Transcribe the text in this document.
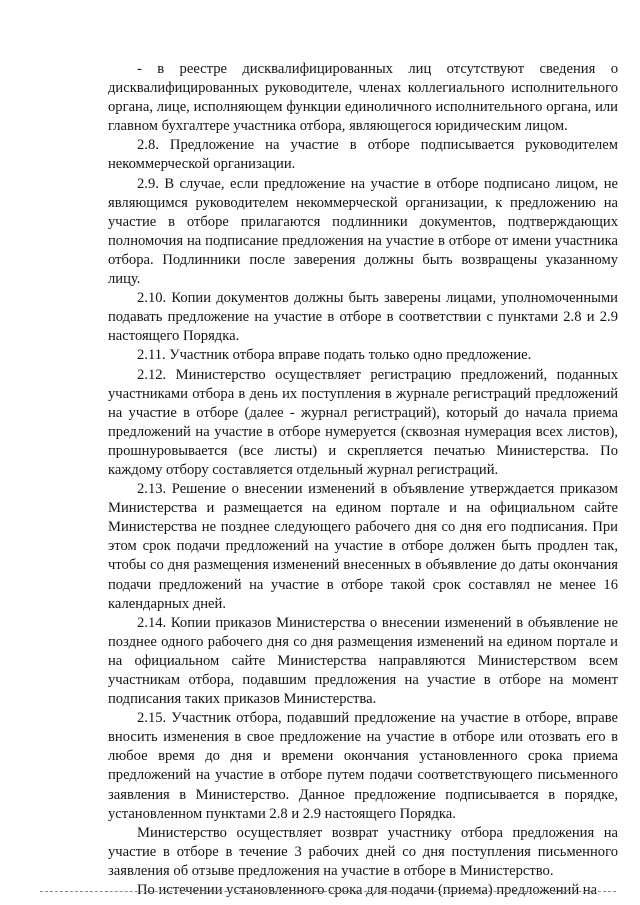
- в реестре дисквалифицированных лиц отсутствуют сведения о дисквалифицированных руководителе, членах коллегиального исполнительного органа, лице, исполняющем функции единоличного исполнительного органа, или главном бухгалтере участника отбора, являющегося юридическим лицом.

2.8. Предложение на участие в отборе подписывается руководителем некоммерческой организации.

2.9. В случае, если предложение на участие в отборе подписано лицом, не являющимся руководителем некоммерческой организации, к предложению на участие в отборе прилагаются подлинники документов, подтверждающих полномочия на подписание предложения на участие в отборе от имени участника отбора. Подлинники после заверения должны быть возвращены указанному лицу.

2.10. Копии документов должны быть заверены лицами, уполномоченными подавать предложение на участие в отборе в соответствии с пунктами 2.8 и 2.9 настоящего Порядка.

2.11. Участник отбора вправе подать только одно предложение.

2.12. Министерство осуществляет регистрацию предложений, поданных участниками отбора в день их поступления в журнале регистраций предложений на участие в отборе (далее - журнал регистраций), который до начала приема предложений на участие в отборе нумеруется (сквозная нумерация всех листов), прошнуровывается (все листы) и скрепляется печатью Министерства. По каждому отбору составляется отдельный журнал регистраций.

2.13. Решение о внесении изменений в объявление утверждается приказом Министерства и размещается на едином портале и на официальном сайте Министерства не позднее следующего рабочего дня со дня его подписания. При этом срок подачи предложений на участие в отборе должен быть продлен так, чтобы со дня размещения изменений внесенных в объявление до даты окончания подачи предложений на участие в отборе такой срок составлял не менее 16 календарных дней.

2.14. Копии приказов Министерства о внесении изменений в объявление не позднее одного рабочего дня со дня размещения изменений на едином портале и на официальном сайте Министерства направляются Министерством всем участникам отбора, подавшим предложения на участие в отборе на момент подписания таких приказов Министерства.

2.15. Участник отбора, подавший предложение на участие в отборе, вправе вносить изменения в свое предложение на участие в отборе или отозвать его в любое время до дня и времени окончания установленного срока приема предложений на участие в отборе путем подачи соответствующего письменного заявления в Министерство. Данное предложение подписывается в порядке, установленном пунктами 2.8 и 2.9 настоящего Порядка.

Министерство осуществляет возврат участнику отбора предложения на участие в отборе в течение 3 рабочих дней со дня поступления письменного заявления об отзыве предложения на участие в отборе в Министерство.

По истечении установленного срока для подачи (приема) предложений на
